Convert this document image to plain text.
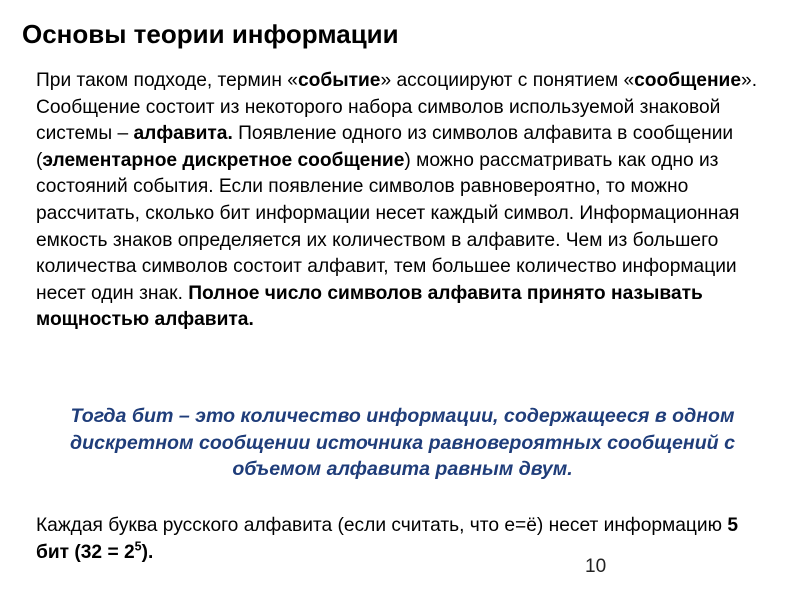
Основы теории информации

При таком подходе, термин «событие» ассоциируют с понятием «сообщение».

Сообщение состоит из некоторого набора символов используемой знаковой системы – алфавита. Появление одного из символов алфавита в сообщении (элементарное дискретное сообщение) можно рассматривать как одно из состояний события. Если появление символов равновероятно, то можно рассчитать, сколько бит информации несет каждый символ. Информационная емкость знаков определяется их количеством в алфавите. Чем из большего количества символов состоит алфавит, тем большее количество информации несет один знак. Полное число символов алфавита принято называть мощностью алфавита.

Тогда бит – это количество информации, содержащееся в одном дискретном сообщении источника равновероятных сообщений с объемом алфавита равным двум.
Каждая буква русского алфавита (если считать, что е=ё) несет информацию 5 бит $(32 = 2^5)$.
10
